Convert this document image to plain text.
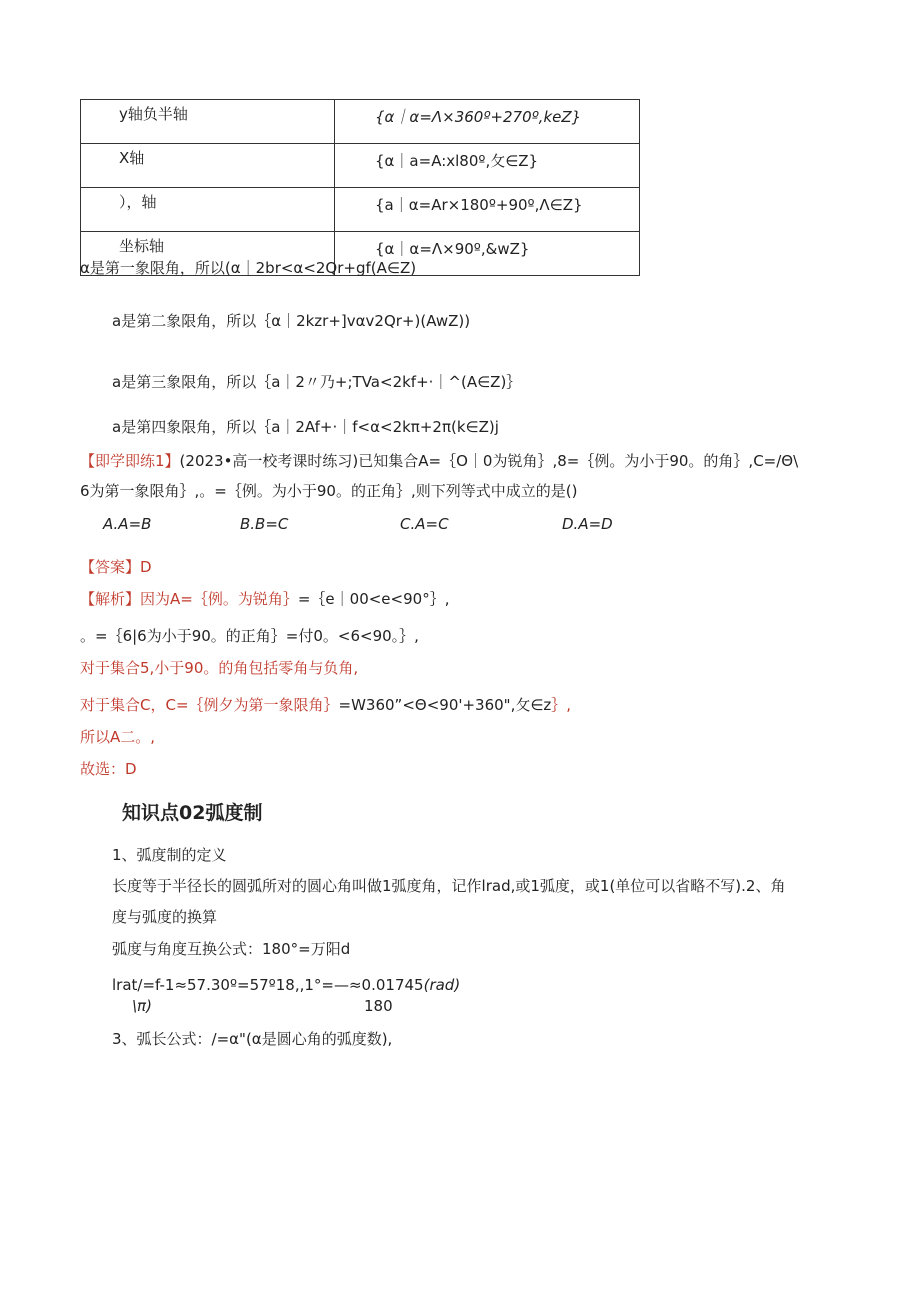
y轴负半轴	{α｜α=Λ×360º+270º,keZ}
X轴	{α｜a=A:xl80º,攵∈Z}
），轴	{a｜α=Ar×180º+90º,Λ∈Z}
坐标轴	{α｜α=Λ×90º,&wZ}
α是第一象限角，所以(α｜2br<α<2Qr+gf(A∈Z)
a是第二象限角，所以｛α｜2kzr+]vαv2Qr+)(AwZ))
a是第三象限角，所以｛a｜2〃乃+;TVa<2kf+·｜^(A∈Z)｝
a是第四象限角，所以｛a｜2Af+·｜f<α<2kπ+2π(k∈Z)j
【即学即练1】(2023•高一校考课时练习)已知集合A=｛O｜0为锐角｝,8=｛例。为小于90。的角｝,C=/Θ\
6为第一象限角｝,。=｛例。为小于90。的正角｝,则下列等式中成立的是()
A.A=B	B.B=C	C.A=C	D.A=D
【答案】D
【解析】因为A=｛例。为锐角｝=｛e｜00<e<90°｝,
。=｛6|6为小于90。的正角｝=付0。<6<90。｝,
对于集合5,小于90。的角包括零角与负角,
对于集合C，C=｛例夕为第一象限角｝=W360”<Θ<90'+360",攵∈z｝,
所以A二。,
故选：D
知识点02弧度制
1、弧度制的定义
长度等于半径长的圆弧所对的圆心角叫做1弧度角，记作lrad,或1弧度，或1(单位可以省略不写).2、角
度与弧度的换算
弧度与角度互换公式：180°=万阳d
lrat∕=f-1≈57.30º=57º18,,1°=—≈0.01745(rad)
\π)	180
3、弧长公式：/=α"(α是圆心角的弧度数),
